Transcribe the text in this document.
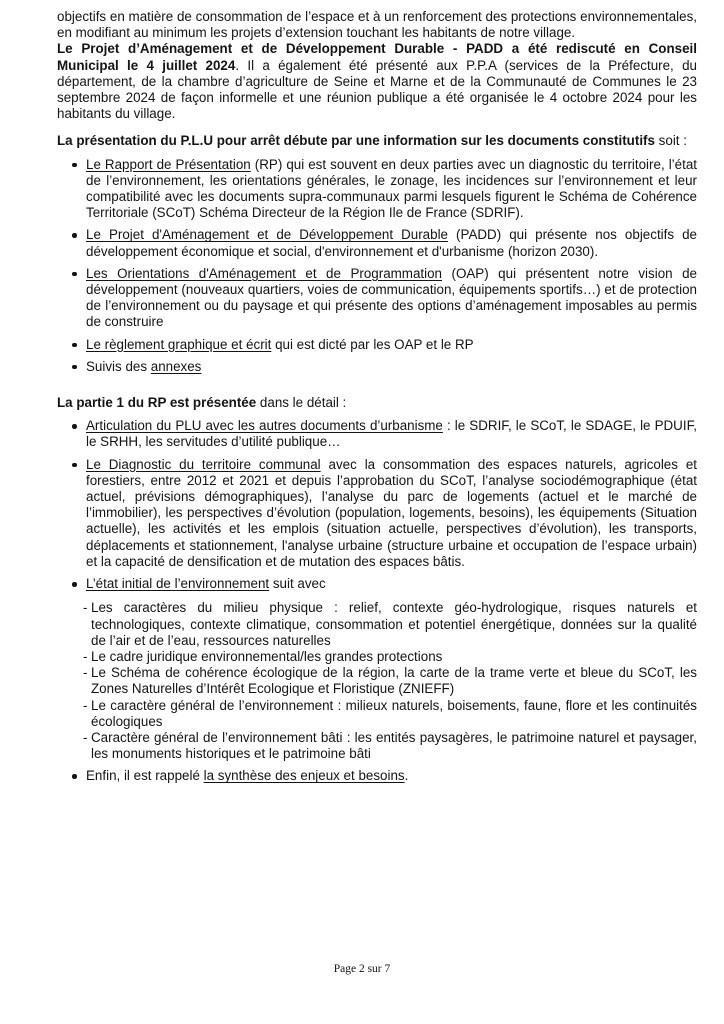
objectifs en matière de consommation de l’espace et à un renforcement des protections environnementales, en modifiant au minimum les projets d’extension touchant les habitants de notre village.

Le Projet d’Aménagement et de Développement Durable - PADD a été rediscuté en Conseil Municipal le 4 juillet 2024. Il a également été présenté aux P.P.A (services de la Préfecture, du département, de la chambre d’agriculture de Seine et Marne et de la Communauté de Communes le 23 septembre 2024 de façon informelle et une réunion publique a été organisée le 4 octobre 2024 pour les habitants du village.

La présentation du P.L.U pour arrêt débute par une information sur les documents constitutifs soit :

Le Rapport de Présentation (RP) qui est souvent en deux parties avec un diagnostic du territoire, l’état de l’environnement, les orientations générales, le zonage, les incidences sur l’environnement et leur compatibilité avec les documents supra-communaux parmi lesquels figurent le Schéma de Cohérence Territoriale (SCoT) Schéma Directeur de la Région Ile de France (SDRIF).
Le Projet d'Aménagement et de Développement Durable (PADD) qui présente nos objectifs de développement économique et social, d'environnement et d'urbanisme (horizon 2030).
Les Orientations d'Aménagement et de Programmation (OAP) qui présentent notre vision de développement (nouveaux quartiers, voies de communication, équipements sportifs…) et de protection de l’environnement ou du paysage et qui présente des options d’aménagement imposables au permis de construire
Le règlement graphique et écrit qui est dicté par les OAP et le RP
Suivis des annexes

La partie 1 du RP est présentée dans le détail :

Articulation du PLU avec les autres documents d’urbanisme : le SDRIF, le SCoT, le SDAGE, le PDUIF, le SRHH, les servitudes d’utilité publique…
Le Diagnostic du territoire communal avec la consommation des espaces naturels, agricoles et forestiers, entre 2012 et 2021 et depuis l’approbation du SCoT, l’analyse sociodémographique (état actuel, prévisions démographiques), l’analyse du parc de logements (actuel et le marché de l’immobilier), les perspectives d’évolution (population, logements, besoins), les équipements (Situation actuelle), les activités et les emplois (situation actuelle, perspectives d’évolution), les transports, déplacements et stationnement, l'analyse urbaine (structure urbaine et occupation de l’espace urbain) et la capacité de densification et de mutation des espaces bâtis.
L’état initial de l’environnement suit avec
- Les caractères du milieu physique : relief, contexte géo-hydrologique, risques naturels et technologiques, contexte climatique, consommation et potentiel énergétique, données sur la qualité de l’air et de l’eau, ressources naturelles
- Le cadre juridique environnemental/les grandes protections
- Le Schéma de cohérence écologique de la région, la carte de la trame verte et bleue du SCoT, les Zones Naturelles d’Intérêt Ecologique et Floristique (ZNIEFF)
- Le caractère général de l’environnement : milieux naturels, boisements, faune, flore et les continuités écologiques
- Caractère général de l’environnement bâti : les entités paysagères, le patrimoine naturel et paysager, les monuments historiques et le patrimoine bâti
Enfin, il est rappelé la synthèse des enjeux et besoins.
Page 2 sur 7
